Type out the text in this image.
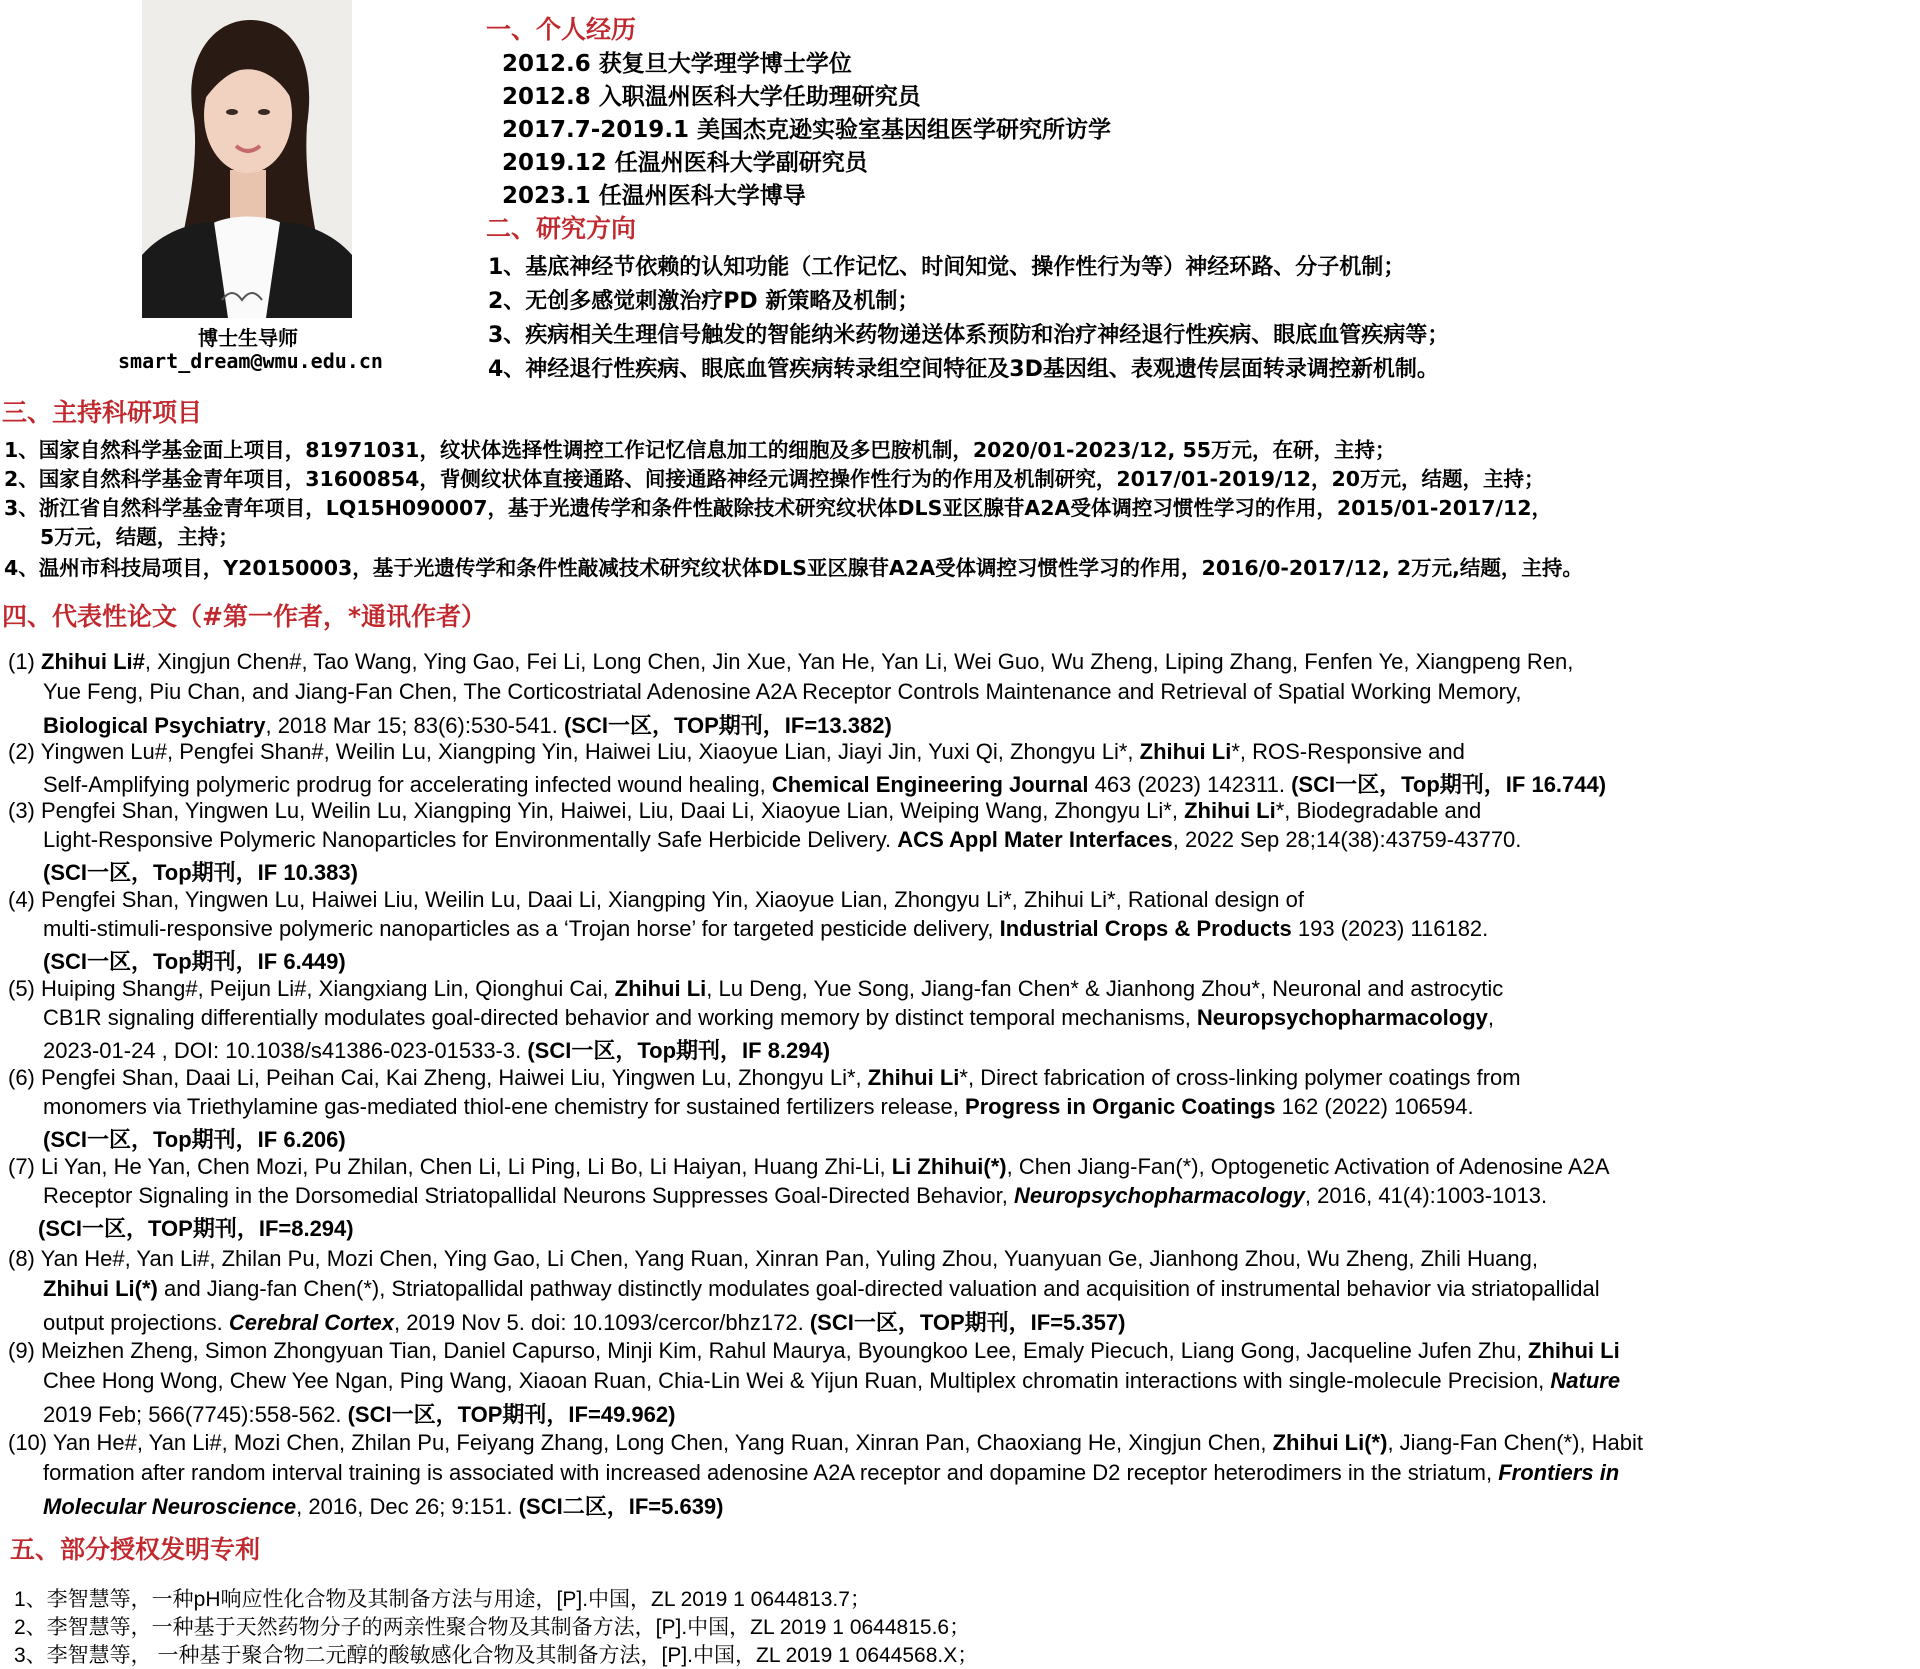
博士生导师
smart_dream@wmu.edu.cn
一、个人经历
2012.6 获复旦大学理学博士学位
2012.8 入职温州医科大学任助理研究员
2017.7-2019.1 美国杰克逊实验室基因组医学研究所访学
2019.12 任温州医科大学副研究员
2023.1 任温州医科大学博导
二、研究方向
1、基底神经节依赖的认知功能（工作记忆、时间知觉、操作性行为等）神经环路、分子机制；
2、无创多感觉刺激治疗PD 新策略及机制；
3、疾病相关生理信号触发的智能纳米药物递送体系预防和治疗神经退行性疾病、眼底血管疾病等；
4、神经退行性疾病、眼底血管疾病转录组空间特征及3D基因组、表观遗传层面转录调控新机制。
三、主持科研项目
1、国家自然科学基金面上项目，81971031，纹状体选择性调控工作记忆信息加工的细胞及多巴胺机制，2020/01-2023/12, 55万元，在研，主持；
2、国家自然科学基金青年项目，31600854，背侧纹状体直接通路、间接通路神经元调控操作性行为的作用及机制研究，2017/01-2019/12，20万元，结题，主持；
3、浙江省自然科学基金青年项目，LQ15H090007，基于光遗传学和条件性敲除技术研究纹状体DLS亚区腺苷A2A受体调控习惯性学习的作用，2015/01-2017/12，
5万元，结题，主持；
4、温州市科技局项目，Y20150003，基于光遗传学和条件性敲减技术研究纹状体DLS亚区腺苷A2A受体调控习惯性学习的作用，2016/0-2017/12, 2万元,结题，主持。
四、代表性论文（#第一作者，*通讯作者）
(1) Zhihui Li#, Xingjun Chen#, Tao Wang, Ying Gao, Fei Li, Long Chen, Jin Xue, Yan He, Yan Li, Wei Guo, Wu Zheng, Liping Zhang, Fenfen Ye, Xiangpeng Ren,
Yue Feng, Piu Chan, and Jiang-Fan Chen, The Corticostriatal Adenosine A2A Receptor Controls Maintenance and Retrieval of Spatial Working Memory,
Biological Psychiatry, 2018 Mar 15; 83(6):530-541. (SCI一区，TOP期刊，IF=13.382)
(2) Yingwen Lu#, Pengfei Shan#, Weilin Lu, Xiangping Yin, Haiwei Liu, Xiaoyue Lian, Jiayi Jin, Yuxi Qi, Zhongyu Li*, Zhihui Li*, ROS-Responsive and
Self-Amplifying polymeric prodrug for accelerating infected wound healing, Chemical Engineering Journal 463 (2023) 142311. (SCI一区，Top期刊，IF 16.744)
(3) Pengfei Shan, Yingwen Lu, Weilin Lu, Xiangping Yin, Haiwei, Liu, Daai Li, Xiaoyue Lian, Weiping Wang, Zhongyu Li*, Zhihui Li*, Biodegradable and
Light-Responsive Polymeric Nanoparticles for Environmentally Safe Herbicide Delivery. ACS Appl Mater Interfaces, 2022 Sep 28;14(38):43759-43770.
(SCI一区，Top期刊，IF 10.383)
(4) Pengfei Shan, Yingwen Lu, Haiwei Liu, Weilin Lu, Daai Li, Xiangping Yin, Xiaoyue Lian, Zhongyu Li*, Zhihui Li*, Rational design of
multi-stimuli-responsive polymeric nanoparticles as a ‘Trojan horse’ for targeted pesticide delivery, Industrial Crops & Products 193 (2023) 116182.
(SCI一区，Top期刊，IF 6.449)
(5) Huiping Shang#, Peijun Li#, Xiangxiang Lin, Qionghui Cai, Zhihui Li, Lu Deng, Yue Song, Jiang-fan Chen* & Jianhong Zhou*, Neuronal and astrocytic
CB1R signaling differentially modulates goal-directed behavior and working memory by distinct temporal mechanisms, Neuropsychopharmacology,
2023-01-24 , DOI: 10.1038/s41386-023-01533-3. (SCI一区，Top期刊，IF 8.294)
(6) Pengfei Shan, Daai Li, Peihan Cai, Kai Zheng, Haiwei Liu, Yingwen Lu, Zhongyu Li*, Zhihui Li*, Direct fabrication of cross-linking polymer coatings from
monomers via Triethylamine gas-mediated thiol-ene chemistry for sustained fertilizers release, Progress in Organic Coatings 162 (2022) 106594.
(SCI一区，Top期刊，IF 6.206)
(7) Li Yan, He Yan, Chen Mozi, Pu Zhilan, Chen Li, Li Ping, Li Bo, Li Haiyan, Huang Zhi-Li, Li Zhihui(*), Chen Jiang-Fan(*), Optogenetic Activation of Adenosine A2A
Receptor Signaling in the Dorsomedial Striatopallidal Neurons Suppresses Goal-Directed Behavior, Neuropsychopharmacology, 2016, 41(4):1003-1013.
(SCI一区，TOP期刊，IF=8.294)
(8) Yan He#, Yan Li#, Zhilan Pu, Mozi Chen, Ying Gao, Li Chen, Yang Ruan, Xinran Pan, Yuling Zhou, Yuanyuan Ge, Jianhong Zhou, Wu Zheng, Zhili Huang,
Zhihui Li(*) and Jiang-fan Chen(*), Striatopallidal pathway distinctly modulates goal-directed valuation and acquisition of instrumental behavior via striatopallidal
output projections. Cerebral Cortex, 2019 Nov 5. doi: 10.1093/cercor/bhz172. (SCI一区，TOP期刊，IF=5.357)
(9) Meizhen Zheng, Simon Zhongyuan Tian, Daniel Capurso, Minji Kim, Rahul Maurya, Byoungkoo Lee, Emaly Piecuch, Liang Gong, Jacqueline Jufen Zhu, Zhihui Li
Chee Hong Wong, Chew Yee Ngan, Ping Wang, Xiaoan Ruan, Chia-Lin Wei & Yijun Ruan, Multiplex chromatin interactions with single-molecule Precision, Nature
2019 Feb; 566(7745):558-562. (SCI一区，TOP期刊，IF=49.962)
(10) Yan He#, Yan Li#, Mozi Chen, Zhilan Pu, Feiyang Zhang, Long Chen, Yang Ruan, Xinran Pan, Chaoxiang He, Xingjun Chen, Zhihui Li(*), Jiang-Fan Chen(*), Habit
formation after random interval training is associated with increased adenosine A2A receptor and dopamine D2 receptor heterodimers in the striatum, Frontiers in
Molecular Neuroscience, 2016, Dec 26; 9:151. (SCI二区，IF=5.639)
五、部分授权发明专利
1、李智慧等，一种pH响应性化合物及其制备方法与用途，[P].中国，ZL 2019 1 0644813.7；
2、李智慧等，一种基于天然药物分子的两亲性聚合物及其制备方法，[P].中国，ZL 2019 1 0644815.6；
3、李智慧等， 一种基于聚合物二元醇的酸敏感化合物及其制备方法，[P].中国，ZL 2019 1 0644568.X；
